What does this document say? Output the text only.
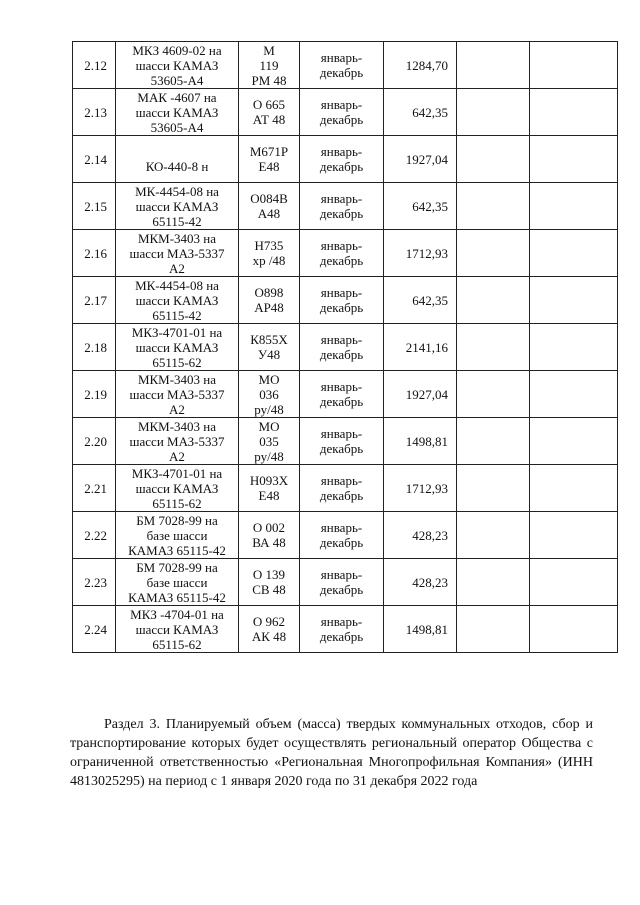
2.12	МКЗ 4609-02 на
шасси КАМАЗ
53605-А4	М
119
РМ 48	январь-
декабрь	1284,70		
2.13	МАК -4607 на
шасси КАМАЗ
53605-А4	О 665
АТ 48	январь-
декабрь	642,35		
2.14	
КО-440-8 н	М671Р
Е48	январь-
декабрь	1927,04		
2.15	МК-4454-08 на
шасси КАМАЗ
65115-42	О084В
А48	январь-
декабрь	642,35		
2.16	МКМ-3403 на
шасси МАЗ-5337
А2	Н735
хр /48	январь-
декабрь	1712,93		
2.17	МК-4454-08 на
шасси КАМАЗ
65115-42	О898
АР48	январь-
декабрь	642,35		
2.18	МКЗ-4701-01 на
шасси КАМАЗ
65115-62	К855Х
У48	январь-
декабрь	2141,16		
2.19	МКМ-3403 на
шасси МАЗ-5337
А2	МО
036
ру/48	январь-
декабрь	1927,04		
2.20	МКМ-3403 на
шасси МАЗ-5337
А2	МО
035
ру/48	январь-
декабрь	1498,81		
2.21	МКЗ-4701-01 на
шасси КАМАЗ
65115-62	Н093Х
Е48	январь-
декабрь	1712,93		
2.22	БМ 7028-99 на
базе шасси
КАМАЗ 65115-42	О 002
ВА 48	январь-
декабрь	428,23		
2.23	БМ 7028-99 на
базе шасси
КАМАЗ 65115-42	О 139
СВ 48	январь-
декабрь	428,23		
2.24	МКЗ -4704-01 на
шасси КАМАЗ
65115-62	О 962
АК 48	январь-
декабрь	1498,81		

Раздел 3. Планируемый объем (масса) твердых коммунальных отходов, сбор и транспортирование которых будет осуществлять региональный оператор Обществa с ограниченной ответственностью «Региональная Многопрофильная Компания» (ИНН 4813025295) на период с 1 января 2020 года по 31 декабря 2022 года
